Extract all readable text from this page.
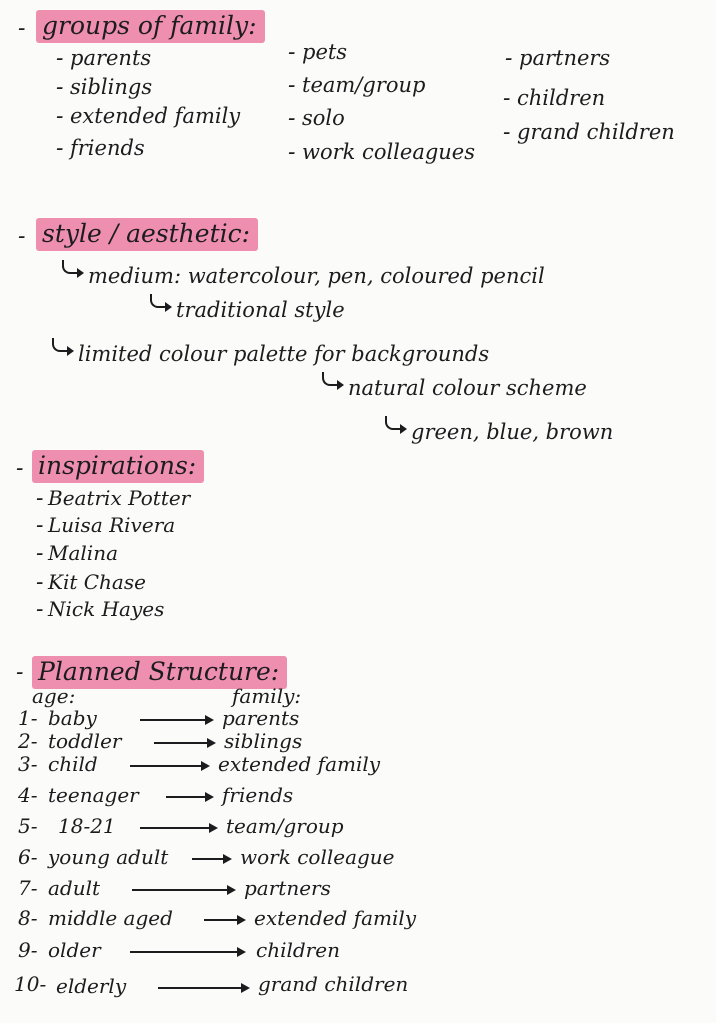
- groups of family:
- parents
- siblings
- extended family
- friends
- pets
- team/group
- solo
- work colleagues
- partners
- children
- grand children
- style / aesthetic:
medium: watercolour, pen, coloured pencil
traditional style
limited colour palette for backgrounds
natural colour scheme
green, blue, brown
- inspirations:
- Beatrix Potter
- Luisa Rivera
- Malina
- Kit Chase
- Nick Hayes
- Planned Structure:
age:	family:
1- baby	parents
2- toddler	siblings
3- child	extended family
4- teenager	friends
5- 18-21	team/group
6- young adult	work colleague
7- adult	partners
8- middle aged	extended family
9- older	children
10- elderly	grand children
